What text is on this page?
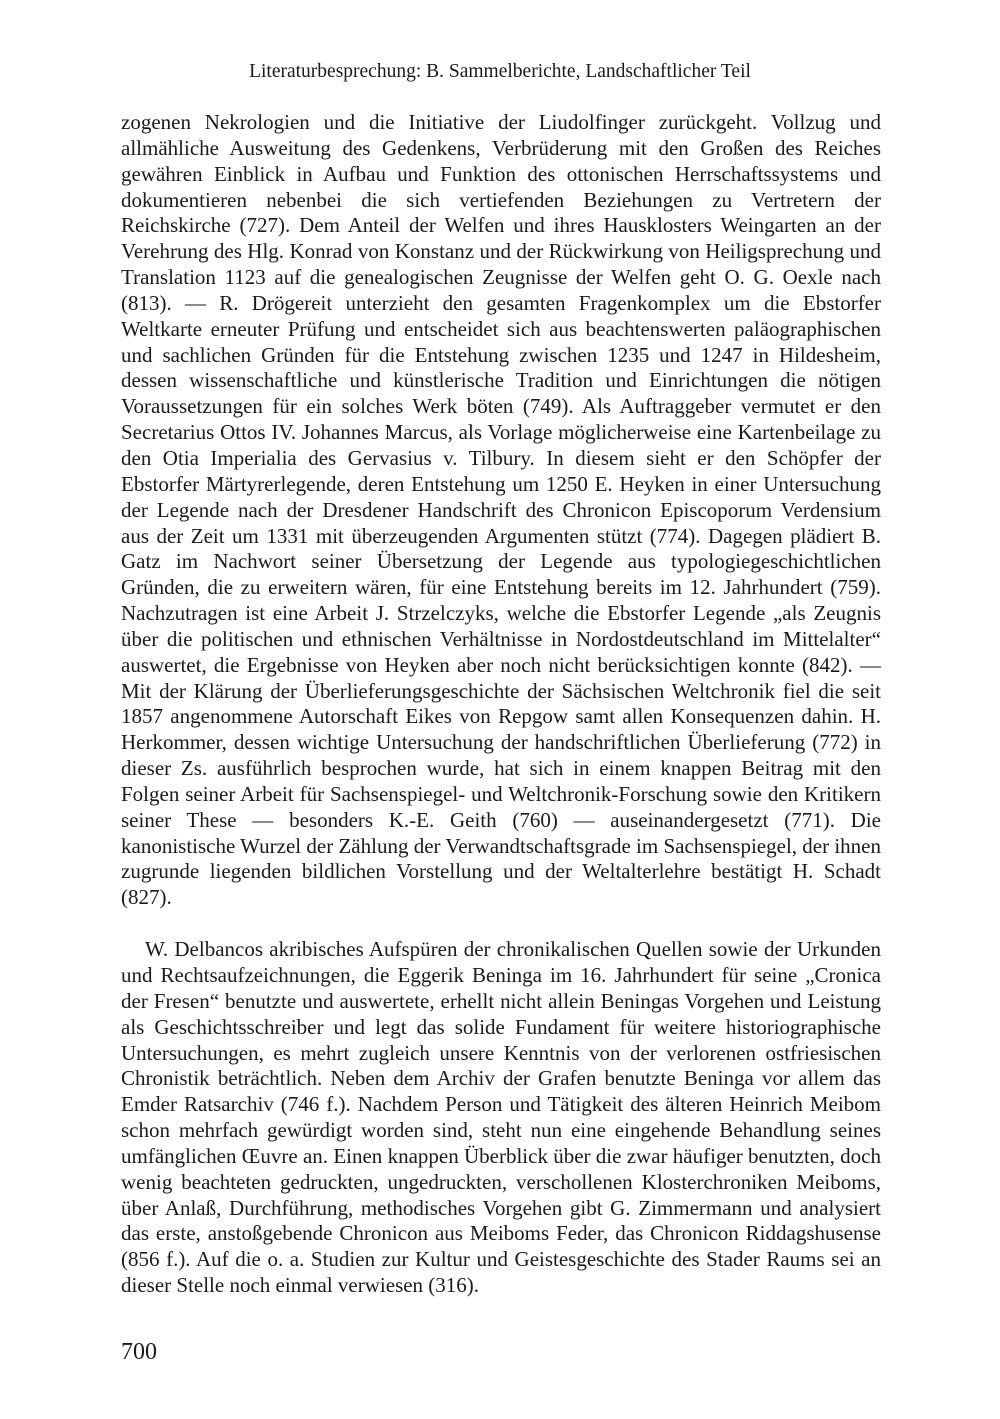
Literaturbesprechung: B. Sammelberichte, Landschaftlicher Teil

zogenen Nekrologien und die Initiative der Liudolfinger zurückgeht. Vollzug und allmähliche Ausweitung des Gedenkens, Verbrüderung mit den Großen des Reiches gewähren Einblick in Aufbau und Funktion des ottonischen Herrschaftssystems und dokumentieren nebenbei die sich vertiefenden Beziehungen zu Vertretern der Reichskirche (727). Dem Anteil der Welfen und ihres Hausklosters Weingarten an der Verehrung des Hlg. Konrad von Konstanz und der Rückwirkung von Heiligsprechung und Translation 1123 auf die genealogischen Zeugnisse der Welfen geht O. G. Oexle nach (813). — R. Drögereit unterzieht den gesamten Fragenkomplex um die Ebstorfer Weltkarte erneuter Prüfung und entscheidet sich aus beachtenswerten paläographischen und sachlichen Gründen für die Entstehung zwischen 1235 und 1247 in Hildesheim, dessen wissenschaftliche und künstlerische Tradition und Einrichtungen die nötigen Voraussetzungen für ein solches Werk böten (749). Als Auftraggeber vermutet er den Secretarius Ottos IV. Johannes Marcus, als Vorlage möglicherweise eine Kartenbeilage zu den Otia Imperialia des Gervasius v. Tilbury. In diesem sieht er den Schöpfer der Ebstorfer Märtyrerlegende, deren Entstehung um 1250 E. Heyken in einer Untersuchung der Legende nach der Dresdener Handschrift des Chronicon Episcoporum Verdensium aus der Zeit um 1331 mit überzeugenden Argumenten stützt (774). Dagegen plädiert B. Gatz im Nachwort seiner Übersetzung der Legende aus typologiegeschichtlichen Gründen, die zu erweitern wären, für eine Entstehung bereits im 12. Jahrhundert (759). Nachzutragen ist eine Arbeit J. Strzelczyks, welche die Ebstorfer Legende „als Zeugnis über die politischen und ethnischen Verhältnisse in Nordostdeutschland im Mittelalter“ auswertet, die Ergebnisse von Heyken aber noch nicht berücksichtigen konnte (842). — Mit der Klärung der Überlieferungsgeschichte der Sächsischen Weltchronik fiel die seit 1857 angenommene Autorschaft Eikes von Repgow samt allen Konsequenzen dahin. H. Herkommer, dessen wichtige Untersuchung der handschriftlichen Überlieferung (772) in dieser Zs. ausführlich besprochen wurde, hat sich in einem knappen Beitrag mit den Folgen seiner Arbeit für Sachsenspiegel- und Weltchronik-Forschung sowie den Kritikern seiner These — besonders K.-E. Geith (760) — auseinandergesetzt (771). Die kanonistische Wurzel der Zählung der Verwandtschaftsgrade im Sachsenspiegel, der ihnen zugrunde liegenden bildlichen Vorstellung und der Weltalterlehre bestätigt H. Schadt (827).

W. Delbancos akribisches Aufspüren der chronikalischen Quellen sowie der Urkunden und Rechtsaufzeichnungen, die Eggerik Beninga im 16. Jahrhundert für seine „Cronica der Fresen“ benutzte und auswertete, erhellt nicht allein Beningas Vorgehen und Leistung als Geschichtsschreiber und legt das solide Fundament für weitere historiographische Untersuchungen, es mehrt zugleich unsere Kenntnis von der verlorenen ostfriesischen Chronistik beträchtlich. Neben dem Archiv der Grafen benutzte Beninga vor allem das Emder Ratsarchiv (746 f.). Nachdem Person und Tätigkeit des älteren Heinrich Meibom schon mehrfach gewürdigt worden sind, steht nun eine eingehende Behandlung seines umfänglichen Œuvre an. Einen knappen Überblick über die zwar häufiger benutzten, doch wenig beachteten gedruckten, ungedruckten, verschollenen Klosterchroniken Meiboms, über Anlaß, Durchführung, methodisches Vorgehen gibt G. Zimmermann und analysiert das erste, anstoßgebende Chronicon aus Meiboms Feder, das Chronicon Riddagshusense (856 f.). Auf die o. a. Studien zur Kultur und Geistesgeschichte des Stader Raums sei an dieser Stelle noch einmal verwiesen (316).

700
